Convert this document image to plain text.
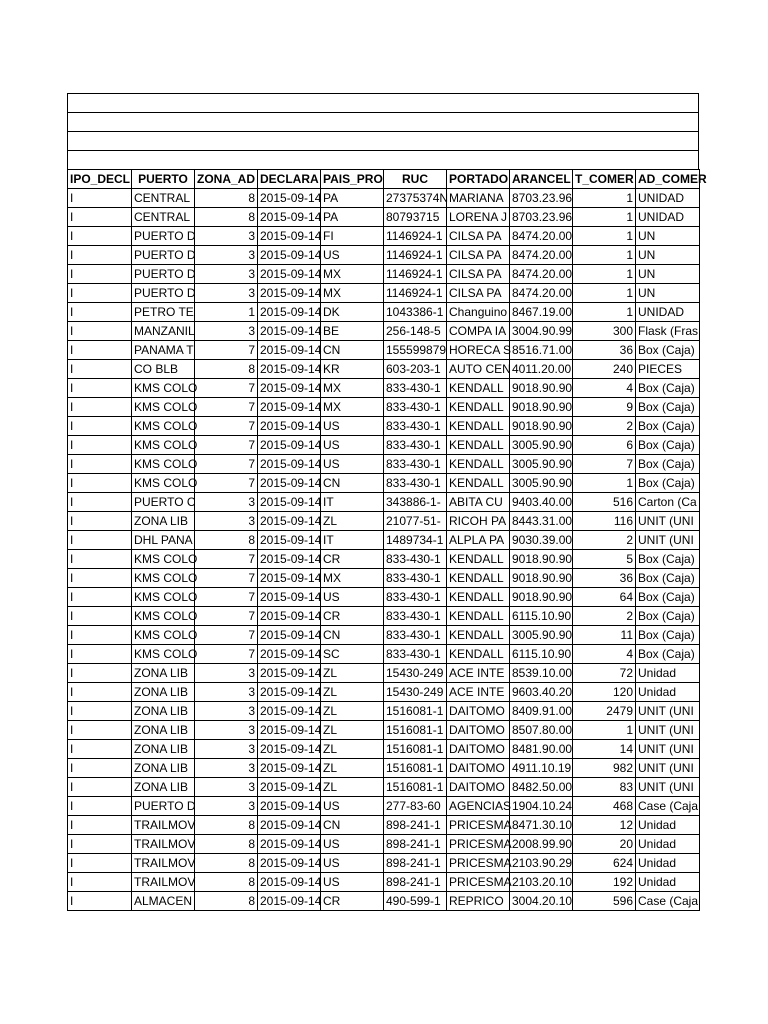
IPO_DECL	PUERTO	ZONA_AD	DECLARA	PAIS_PRO	RUC	PORTADO	ARANCEL	T_COMER	AD_COMER
I	CENTRAL	8	2015-09-14	PA	27375374N	MARIANA	8703.23.96	1	UNIDAD
I	CENTRAL	8	2015-09-14	PA	80793715	LORENA J	8703.23.96	1	UNIDAD
I	PUERTO D	3	2015-09-14	FI	1146924-1	CILSA PA	8474.20.00	1	UN
I	PUERTO D	3	2015-09-14	US	1146924-1	CILSA PA	8474.20.00	1	UN
I	PUERTO D	3	2015-09-14	MX	1146924-1	CILSA PA	8474.20.00	1	UN
I	PUERTO D	3	2015-09-14	MX	1146924-1	CILSA PA	8474.20.00	1	UN
I	PETRO TE	1	2015-09-14	DK	1043386-1	Changuino	8467.19.00	1	UNIDAD
I	MANZANIL	3	2015-09-14	BE	256-148-5	COMPA IA	3004.90.99	300	Flask (Fras
I	PANAMA T	7	2015-09-14	CN	155599879	HORECA S	8516.71.00	36	Box (Caja)
I	CO BLB	8	2015-09-14	KR	603-203-1	AUTO CEN	4011.20.00	240	PIECES
I	KMS COLO	7	2015-09-14	MX	833-430-1	KENDALL	9018.90.90	4	Box (Caja)
I	KMS COLO	7	2015-09-14	MX	833-430-1	KENDALL	9018.90.90	9	Box (Caja)
I	KMS COLO	7	2015-09-14	US	833-430-1	KENDALL	9018.90.90	2	Box (Caja)
I	KMS COLO	7	2015-09-14	US	833-430-1	KENDALL	3005.90.90	6	Box (Caja)
I	KMS COLO	7	2015-09-14	US	833-430-1	KENDALL	3005.90.90	7	Box (Caja)
I	KMS COLO	7	2015-09-14	CN	833-430-1	KENDALL	3005.90.90	1	Box (Caja)
I	PUERTO C	3	2015-09-14	IT	343886-1-	ABITA CU	9403.40.00	516	Carton (Ca
I	ZONA LIB	3	2015-09-14	ZL	21077-51-	RICOH PA	8443.31.00	116	UNIT (UNI
I	DHL PANA	8	2015-09-14	IT	1489734-1	ALPLA PA	9030.39.00	2	UNIT (UNI
I	KMS COLO	7	2015-09-14	CR	833-430-1	KENDALL	9018.90.90	5	Box (Caja)
I	KMS COLO	7	2015-09-14	MX	833-430-1	KENDALL	9018.90.90	36	Box (Caja)
I	KMS COLO	7	2015-09-14	US	833-430-1	KENDALL	9018.90.90	64	Box (Caja)
I	KMS COLO	7	2015-09-14	CR	833-430-1	KENDALL	6115.10.90	2	Box (Caja)
I	KMS COLO	7	2015-09-14	CN	833-430-1	KENDALL	3005.90.90	11	Box (Caja)
I	KMS COLO	7	2015-09-14	SC	833-430-1	KENDALL	6115.10.90	4	Box (Caja)
I	ZONA LIB	3	2015-09-14	ZL	15430-249	ACE INTE	8539.10.00	72	Unidad
I	ZONA LIB	3	2015-09-14	ZL	15430-249	ACE INTE	9603.40.20	120	Unidad
I	ZONA LIB	3	2015-09-14	ZL	1516081-1	DAITOMO	8409.91.00	2479	UNIT (UNI
I	ZONA LIB	3	2015-09-14	ZL	1516081-1	DAITOMO	8507.80.00	1	UNIT (UNI
I	ZONA LIB	3	2015-09-14	ZL	1516081-1	DAITOMO	8481.90.00	14	UNIT (UNI
I	ZONA LIB	3	2015-09-14	ZL	1516081-1	DAITOMO	4911.10.19	982	UNIT (UNI
I	ZONA LIB	3	2015-09-14	ZL	1516081-1	DAITOMO	8482.50.00	83	UNIT (UNI
I	PUERTO D	3	2015-09-14	US	277-83-60	AGENCIAS	1904.10.24	468	Case (Caja
I	TRAILMOV	8	2015-09-14	CN	898-241-1	PRICESMA	8471.30.10	12	Unidad
I	TRAILMOV	8	2015-09-14	US	898-241-1	PRICESMA	2008.99.90	20	Unidad
I	TRAILMOV	8	2015-09-14	US	898-241-1	PRICESMA	2103.90.29	624	Unidad
I	TRAILMOV	8	2015-09-14	US	898-241-1	PRICESMA	2103.20.10	192	Unidad
I	ALMACEN	8	2015-09-14	CR	490-599-1	REPRICO	3004.20.10	596	Case (Caja
